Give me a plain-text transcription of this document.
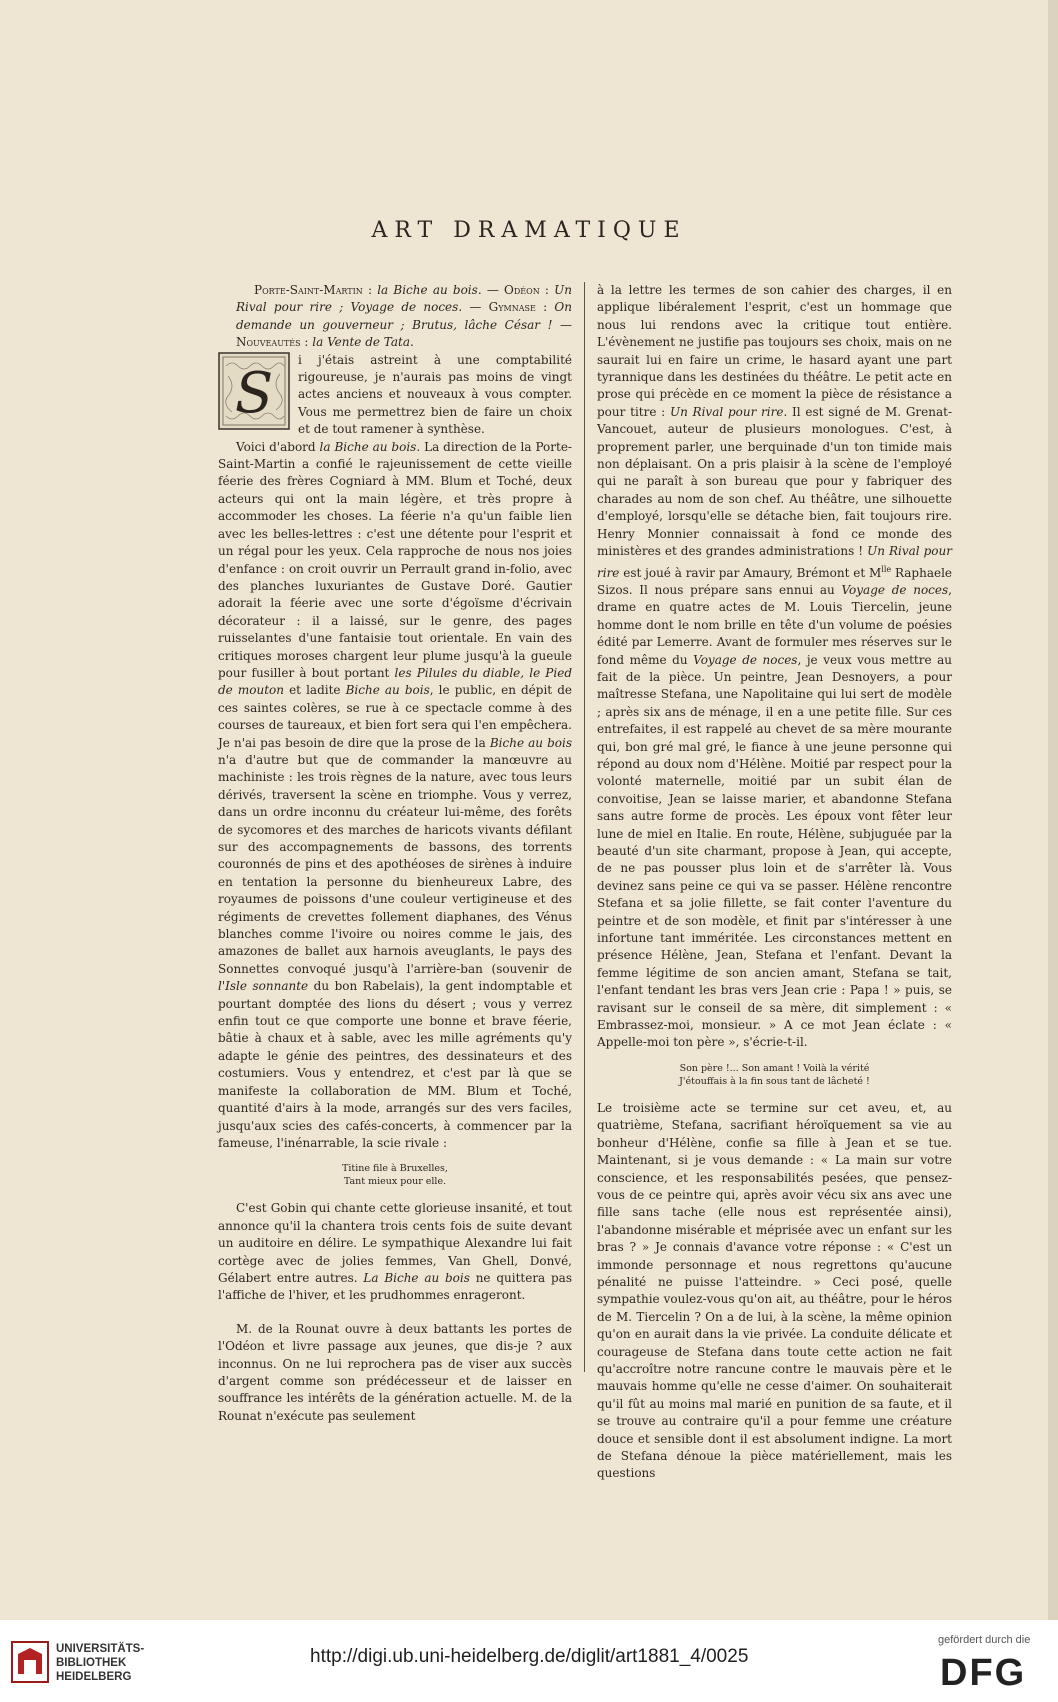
ART DRAMATIQUE

Porte-Saint-Martin : la Biche au bois. — Odéon : Un Rival pour rire ; Voyage de noces. — Gymnase : On demande un gouverneur ; Brutus, lâche César ! — Nouveautés : la Vente de Tata.

S

i j'étais astreint à une comptabilité rigoureuse, je n'aurais pas moins de vingt actes anciens et nouveaux à vous compter. Vous me permettrez bien de faire un choix et de tout ramener à synthèse.

Voici d'abord la Biche au bois. La direction de la Porte-Saint-Martin a confié le rajeunissement de cette vieille féerie des frères Cogniard à MM. Blum et Toché, deux acteurs qui ont la main légère, et très propre à accommoder les choses. La féerie n'a qu'un faible lien avec les belles-lettres : c'est une détente pour l'esprit et un régal pour les yeux. Cela rapproche de nous nos joies d'enfance : on croit ouvrir un Perrault grand in-folio, avec des planches luxuriantes de Gustave Doré. Gautier adorait la féerie avec une sorte d'égoïsme d'écrivain décorateur : il a laissé, sur le genre, des pages ruisselantes d'une fantaisie tout orientale. En vain des critiques moroses chargent leur plume jusqu'à la gueule pour fusiller à bout portant les Pilules du diable, le Pied de mouton et ladite Biche au bois, le public, en dépit de ces saintes colères, se rue à ce spectacle comme à des courses de taureaux, et bien fort sera qui l'en empêchera. Je n'ai pas besoin de dire que la prose de la Biche au bois n'a d'autre but que de commander la manœuvre au machiniste : les trois règnes de la nature, avec tous leurs dérivés, traversent la scène en triomphe. Vous y verrez, dans un ordre inconnu du créateur lui-même, des forêts de sycomores et des marches de haricots vivants défilant sur des accompagnements de bassons, des torrents couronnés de pins et des apothéoses de sirènes à induire en tentation la personne du bienheureux Labre, des royaumes de poissons d'une couleur vertigineuse et des régiments de crevettes follement diaphanes, des Vénus blanches comme l'ivoire ou noires comme le jais, des amazones de ballet aux harnois aveuglants, le pays des Sonnettes convoqué jusqu'à l'arrière-ban (souvenir de l'Isle sonnante du bon Rabelais), la gent indomptable et pourtant domptée des lions du désert ; vous y verrez enfin tout ce que comporte une bonne et brave féerie, bâtie à chaux et à sable, avec les mille agréments qu'y adapte le génie des peintres, des dessinateurs et des costumiers. Vous y entendrez, et c'est par là que se manifeste la collaboration de MM. Blum et Toché, quantité d'airs à la mode, arrangés sur des vers faciles, jusqu'aux scies des cafés-concerts, à commencer par la fameuse, l'inénarrable, la scie rivale :

Titine file à Bruxelles,
Tant mieux pour elle.

C'est Gobin qui chante cette glorieuse insanité, et tout annonce qu'il la chantera trois cents fois de suite devant un auditoire en délire. Le sympathique Alexandre lui fait cortège avec de jolies femmes, Van Ghell, Donvé, Gélabert entre autres. La Biche au bois ne quittera pas l'affiche de l'hiver, et les prudhommes enrageront.

M. de la Rounat ouvre à deux battants les portes de l'Odéon et livre passage aux jeunes, que dis-je ? aux inconnus. On ne lui reprochera pas de viser aux succès d'argent comme son prédécesseur et de laisser en souffrance les intérêts de la génération actuelle. M. de la Rounat n'exécute pas seulement

à la lettre les termes de son cahier des charges, il en applique libéralement l'esprit, c'est un hommage que nous lui rendons avec la critique tout entière. L'évènement ne justifie pas toujours ses choix, mais on ne saurait lui en faire un crime, le hasard ayant une part tyrannique dans les destinées du théâtre. Le petit acte en prose qui précède en ce moment la pièce de résistance a pour titre : Un Rival pour rire. Il est signé de M. Grenat-Vancouet, auteur de plusieurs monologues. C'est, à proprement parler, une berquinade d'un ton timide mais non déplaisant. On a pris plaisir à la scène de l'employé qui ne paraît à son bureau que pour y fabriquer des charades au nom de son chef. Au théâtre, une silhouette d'employé, lorsqu'elle se détache bien, fait toujours rire. Henry Monnier connaissait à fond ce monde des ministères et des grandes administrations ! Un Rival pour rire est joué à ravir par Amaury, Brémont et $M^{lle}$ Raphaele Sizos. Il nous prépare sans ennui au Voyage de noces, drame en quatre actes de M. Louis Tiercelin, jeune homme dont le nom brille en tête d'un volume de poésies édité par Lemerre. Avant de formuler mes réserves sur le fond même du Voyage de noces, je veux vous mettre au fait de la pièce. Un peintre, Jean Desnoyers, a pour maîtresse Stefana, une Napolitaine qui lui sert de modèle ; après six ans de ménage, il en a une petite fille. Sur ces entrefaites, il est rappelé au chevet de sa mère mourante qui, bon gré mal gré, le fiance à une jeune personne qui répond au doux nom d'Hélène. Moitié par respect pour la volonté maternelle, moitié par un subit élan de convoitise, Jean se laisse marier, et abandonne Stefana sans autre forme de procès. Les époux vont fêter leur lune de miel en Italie. En route, Hélène, subjuguée par la beauté d'un site charmant, propose à Jean, qui accepte, de ne pas pousser plus loin et de s'arrêter là. Vous devinez sans peine ce qui va se passer. Hélène rencontre Stefana et sa jolie fillette, se fait conter l'aventure du peintre et de son modèle, et finit par s'intéresser à une infortune tant imméritée. Les circonstances mettent en présence Hélène, Jean, Stefana et l'enfant. Devant la femme légitime de son ancien amant, Stefana se tait, l'enfant tendant les bras vers Jean crie : Papa ! » puis, se ravisant sur le conseil de sa mère, dit simplement : « Embrassez-moi, monsieur. » A ce mot Jean éclate : « Appelle-moi ton père », s'écrie-t-il.

Son père !... Son amant ! Voilà la vérité
J'étouffais à la fin sous tant de lâcheté !

Le troisième acte se termine sur cet aveu, et, au quatrième, Stefana, sacrifiant héroïquement sa vie au bonheur d'Hélène, confie sa fille à Jean et se tue. Maintenant, si je vous demande : « La main sur votre conscience, et les responsabilités pesées, que pensez-vous de ce peintre qui, après avoir vécu six ans avec une fille sans tache (elle nous est représentée ainsi), l'abandonne misérable et méprisée avec un enfant sur les bras ? » Je connais d'avance votre réponse : « C'est un immonde personnage et nous regrettons qu'aucune pénalité ne puisse l'atteindre. » Ceci posé, quelle sympathie voulez-vous qu'on ait, au théâtre, pour le héros de M. Tiercelin ? On a de lui, à la scène, la même opinion qu'on en aurait dans la vie privée. La conduite délicate et courageuse de Stefana dans toute cette action ne fait qu'accroître notre rancune contre le mauvais père et le mauvais homme qu'elle ne cesse d'aimer. On souhaiterait qu'il fût au moins mal marié en punition de sa faute, et il se trouve au contraire qu'il a pour femme une créature douce et sensible dont il est absolument indigne. La mort de Stefana dénoue la pièce matériellement, mais les questions

UNIVERSITÄTS-
BIBLIOTHEK
HEIDELBERG
http://digi.ub.uni-heidelberg.de/diglit/art1881_4/0025
gefördert durch die
DFG
